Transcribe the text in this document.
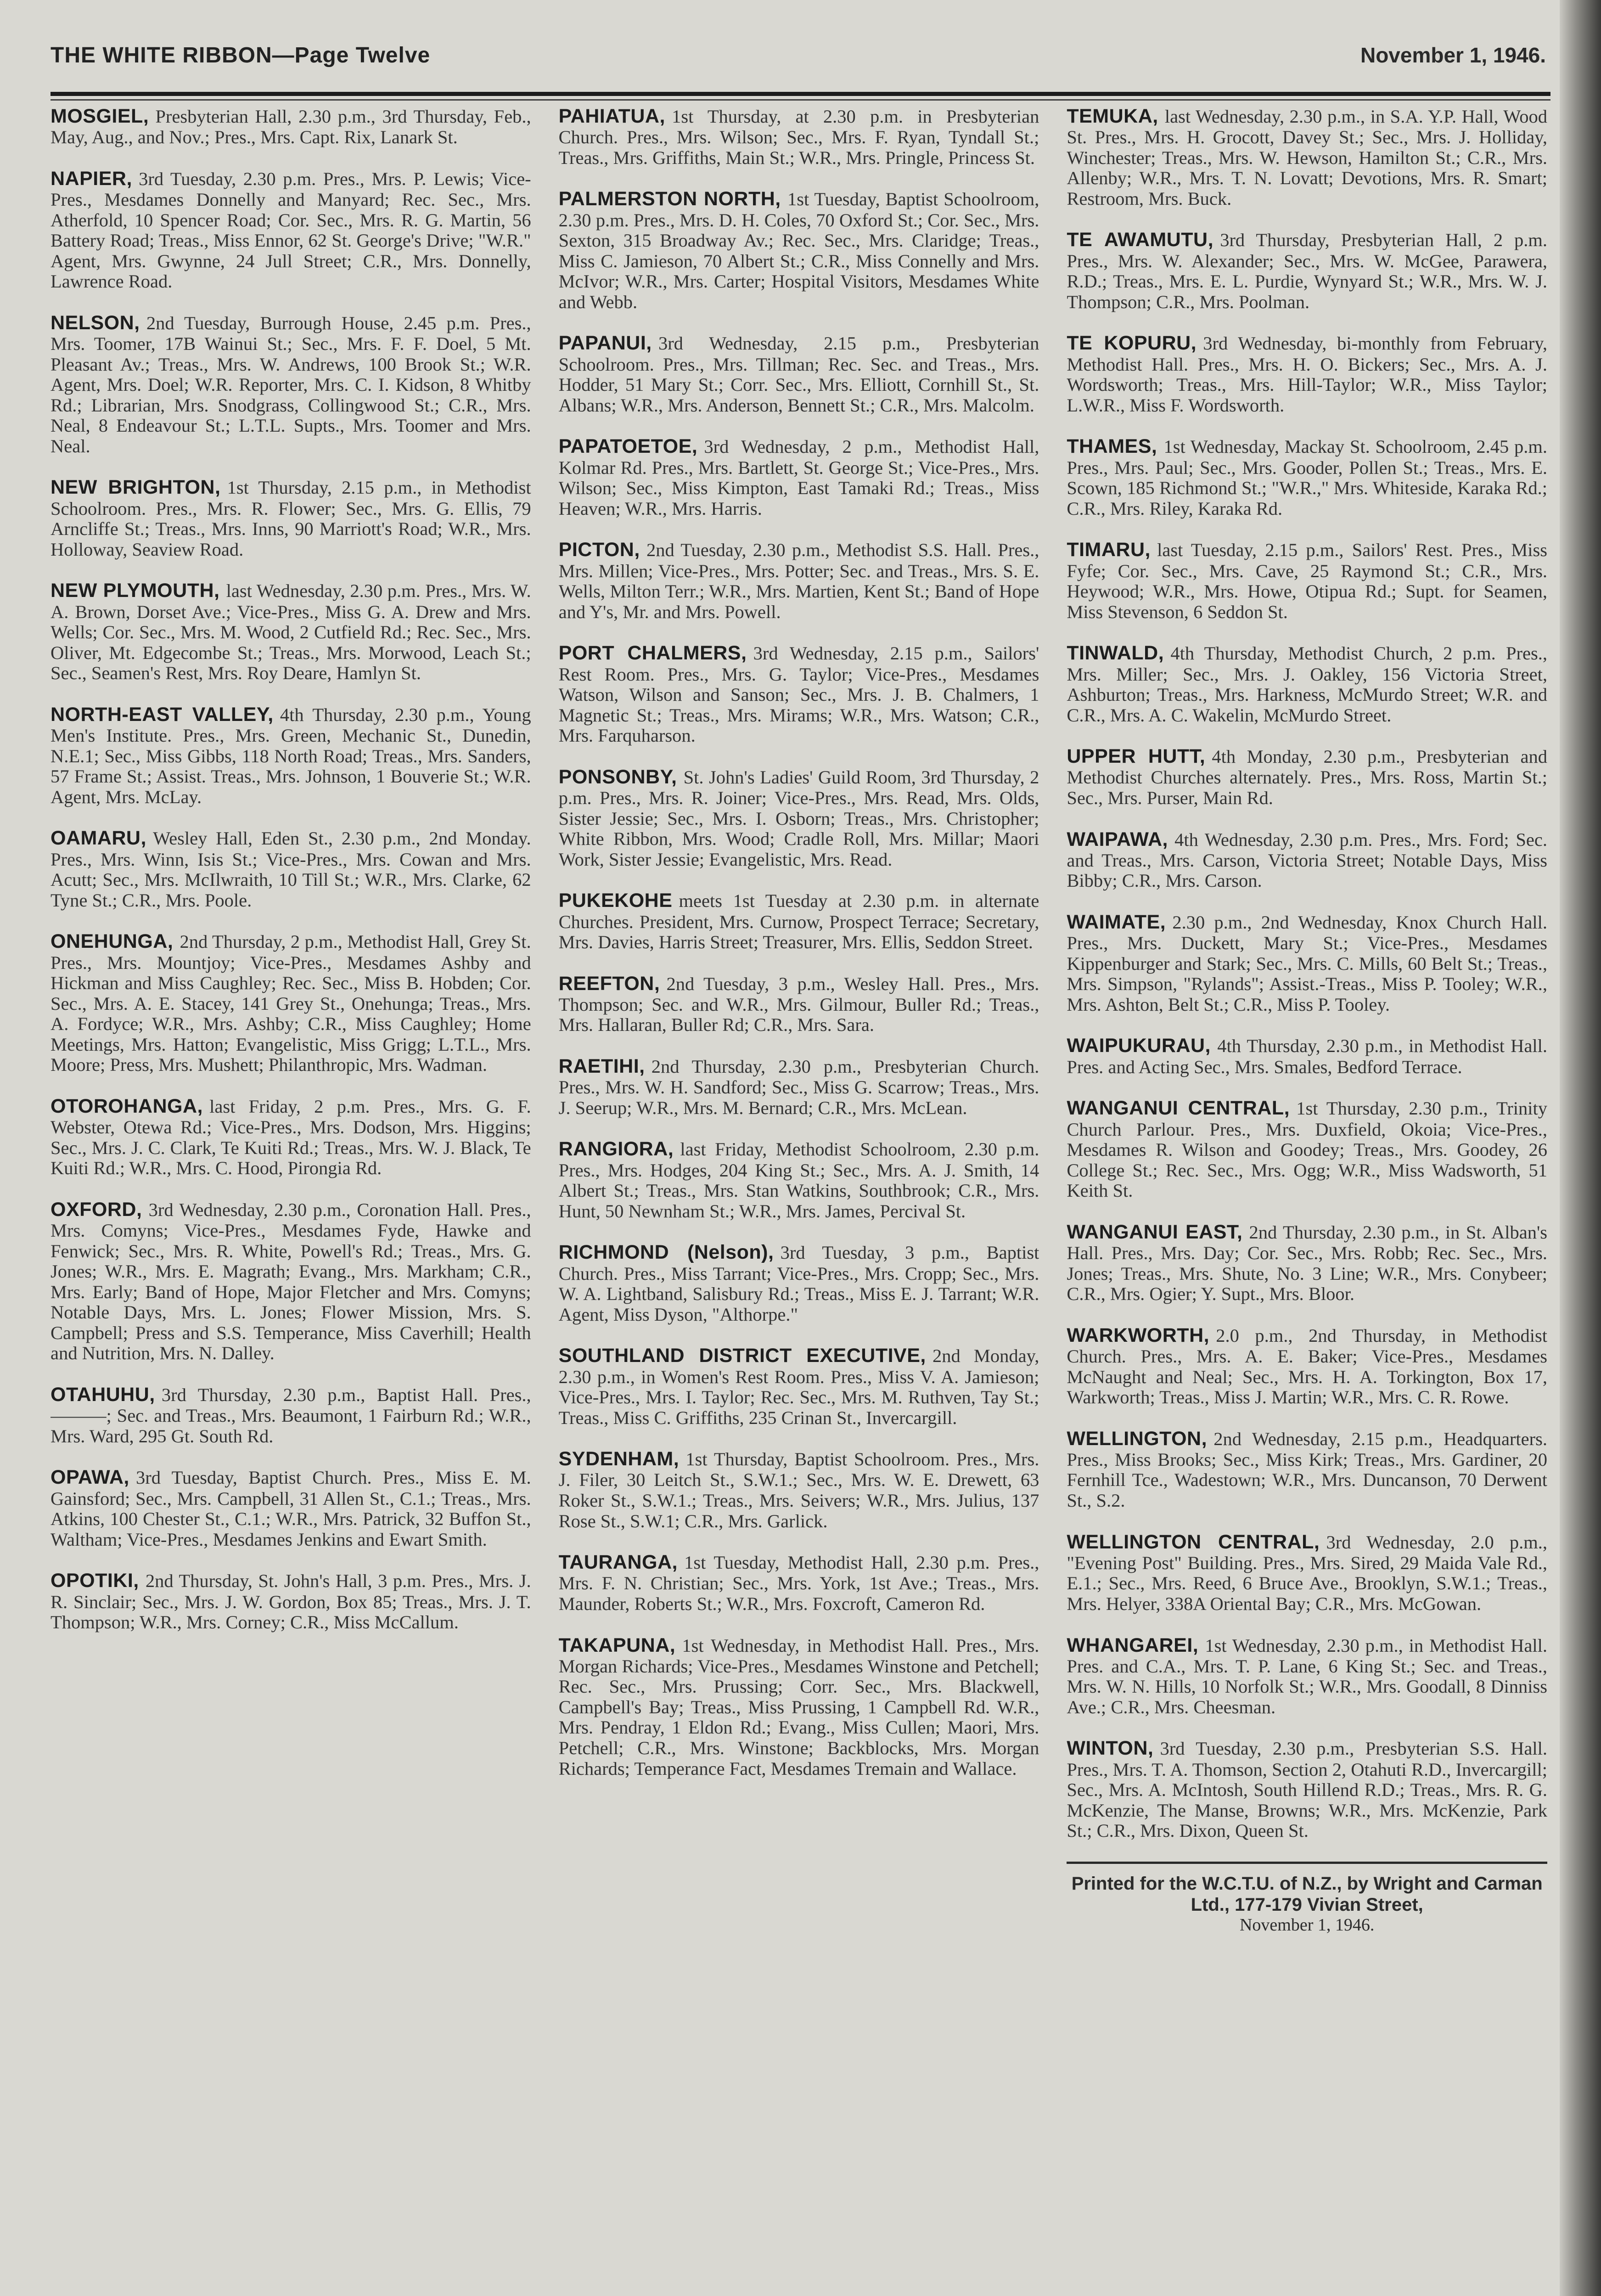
THE WHITE RIBBON—Page Twelve	November 1, 1946.

MOSGIEL, Presbyterian Hall, 2.30 p.m., 3rd Thursday, Feb., May, Aug., and Nov.; Pres., Mrs. Capt. Rix, Lanark St.

NAPIER, 3rd Tuesday, 2.30 p.m. Pres., Mrs. P. Lewis; Vice-Pres., Mesdames Donnelly and Manyard; Rec. Sec., Mrs. Atherfold, 10 Spencer Road; Cor. Sec., Mrs. R. G. Martin, 56 Battery Road; Treas., Miss Ennor, 62 St. George's Drive; "W.R." Agent, Mrs. Gwynne, 24 Jull Street; C.R., Mrs. Donnelly, Lawrence Road.

NELSON, 2nd Tuesday, Burrough House, 2.45 p.m. Pres., Mrs. Toomer, 17B Wainui St.; Sec., Mrs. F. F. Doel, 5 Mt. Pleasant Av.; Treas., Mrs. W. Andrews, 100 Brook St.; W.R. Agent, Mrs. Doel; W.R. Reporter, Mrs. C. I. Kidson, 8 Whitby Rd.; Librarian, Mrs. Snodgrass, Collingwood St.; C.R., Mrs. Neal, 8 Endeavour St.; L.T.L. Supts., Mrs. Toomer and Mrs. Neal.

NEW BRIGHTON, 1st Thursday, 2.15 p.m., in Methodist Schoolroom. Pres., Mrs. R. Flower; Sec., Mrs. G. Ellis, 79 Arncliffe St.; Treas., Mrs. Inns, 90 Marriott's Road; W.R., Mrs. Holloway, Seaview Road.

NEW PLYMOUTH, last Wednesday, 2.30 p.m. Pres., Mrs. W. A. Brown, Dorset Ave.; Vice-Pres., Miss G. A. Drew and Mrs. Wells; Cor. Sec., Mrs. M. Wood, 2 Cutfield Rd.; Rec. Sec., Mrs. Oliver, Mt. Edgecombe St.; Treas., Mrs. Morwood, Leach St.; Sec., Seamen's Rest, Mrs. Roy Deare, Hamlyn St.

NORTH-EAST VALLEY, 4th Thursday, 2.30 p.m., Young Men's Institute. Pres., Mrs. Green, Mechanic St., Dunedin, N.E.1; Sec., Miss Gibbs, 118 North Road; Treas., Mrs. Sanders, 57 Frame St.; Assist. Treas., Mrs. Johnson, 1 Bouverie St.; W.R. Agent, Mrs. McLay.

OAMARU, Wesley Hall, Eden St., 2.30 p.m., 2nd Monday. Pres., Mrs. Winn, Isis St.; Vice-Pres., Mrs. Cowan and Mrs. Acutt; Sec., Mrs. McIlwraith, 10 Till St.; W.R., Mrs. Clarke, 62 Tyne St.; C.R., Mrs. Poole.

ONEHUNGA, 2nd Thursday, 2 p.m., Methodist Hall, Grey St. Pres., Mrs. Mountjoy; Vice-Pres., Mesdames Ashby and Hickman and Miss Caughley; Rec. Sec., Miss B. Hobden; Cor. Sec., Mrs. A. E. Stacey, 141 Grey St., Onehunga; Treas., Mrs. A. Fordyce; W.R., Mrs. Ashby; C.R., Miss Caughley; Home Meetings, Mrs. Hatton; Evangelistic, Miss Grigg; L.T.L., Mrs. Moore; Press, Mrs. Mushett; Philanthropic, Mrs. Wadman.

OTOROHANGA, last Friday, 2 p.m. Pres., Mrs. G. F. Webster, Otewa Rd.; Vice-Pres., Mrs. Dodson, Mrs. Higgins; Sec., Mrs. J. C. Clark, Te Kuiti Rd.; Treas., Mrs. W. J. Black, Te Kuiti Rd.; W.R., Mrs. C. Hood, Pirongia Rd.

OXFORD, 3rd Wednesday, 2.30 p.m., Coronation Hall. Pres., Mrs. Comyns; Vice-Pres., Mesdames Fyde, Hawke and Fenwick; Sec., Mrs. R. White, Powell's Rd.; Treas., Mrs. G. Jones; W.R., Mrs. E. Magrath; Evang., Mrs. Markham; C.R., Mrs. Early; Band of Hope, Major Fletcher and Mrs. Comyns; Notable Days, Mrs. L. Jones; Flower Mission, Mrs. S. Campbell; Press and S.S. Temperance, Miss Caverhill; Health and Nutrition, Mrs. N. Dalley.

OTAHUHU, 3rd Thursday, 2.30 p.m., Baptist Hall. Pres., ———; Sec. and Treas., Mrs. Beaumont, 1 Fairburn Rd.; W.R., Mrs. Ward, 295 Gt. South Rd.

OPAWA, 3rd Tuesday, Baptist Church. Pres., Miss E. M. Gainsford; Sec., Mrs. Campbell, 31 Allen St., C.1.; Treas., Mrs. Atkins, 100 Chester St., C.1.; W.R., Mrs. Patrick, 32 Buffon St., Waltham; Vice-Pres., Mesdames Jenkins and Ewart Smith.

OPOTIKI, 2nd Thursday, St. John's Hall, 3 p.m. Pres., Mrs. J. R. Sinclair; Sec., Mrs. J. W. Gordon, Box 85; Treas., Mrs. J. T. Thompson; W.R., Mrs. Corney; C.R., Miss McCallum.

PAHIATUA, 1st Thursday, at 2.30 p.m. in Presbyterian Church. Pres., Mrs. Wilson; Sec., Mrs. F. Ryan, Tyndall St.; Treas., Mrs. Griffiths, Main St.; W.R., Mrs. Pringle, Princess St.

PALMERSTON NORTH, 1st Tuesday, Baptist Schoolroom, 2.30 p.m. Pres., Mrs. D. H. Coles, 70 Oxford St.; Cor. Sec., Mrs. Sexton, 315 Broadway Av.; Rec. Sec., Mrs. Claridge; Treas., Miss C. Jamieson, 70 Albert St.; C.R., Miss Connelly and Mrs. McIvor; W.R., Mrs. Carter; Hospital Visitors, Mesdames White and Webb.

PAPANUI, 3rd Wednesday, 2.15 p.m., Presbyterian Schoolroom. Pres., Mrs. Tillman; Rec. Sec. and Treas., Mrs. Hodder, 51 Mary St.; Corr. Sec., Mrs. Elliott, Cornhill St., St. Albans; W.R., Mrs. Anderson, Bennett St.; C.R., Mrs. Malcolm.

PAPATOETOE, 3rd Wednesday, 2 p.m., Methodist Hall, Kolmar Rd. Pres., Mrs. Bartlett, St. George St.; Vice-Pres., Mrs. Wilson; Sec., Miss Kimpton, East Tamaki Rd.; Treas., Miss Heaven; W.R., Mrs. Harris.

PICTON, 2nd Tuesday, 2.30 p.m., Methodist S.S. Hall. Pres., Mrs. Millen; Vice-Pres., Mrs. Potter; Sec. and Treas., Mrs. S. E. Wells, Milton Terr.; W.R., Mrs. Martien, Kent St.; Band of Hope and Y's, Mr. and Mrs. Powell.

PORT CHALMERS, 3rd Wednesday, 2.15 p.m., Sailors' Rest Room. Pres., Mrs. G. Taylor; Vice-Pres., Mesdames Watson, Wilson and Sanson; Sec., Mrs. J. B. Chalmers, 1 Magnetic St.; Treas., Mrs. Mirams; W.R., Mrs. Watson; C.R., Mrs. Farquharson.

PONSONBY, St. John's Ladies' Guild Room, 3rd Thursday, 2 p.m. Pres., Mrs. R. Joiner; Vice-Pres., Mrs. Read, Mrs. Olds, Sister Jessie; Sec., Mrs. I. Osborn; Treas., Mrs. Christopher; White Ribbon, Mrs. Wood; Cradle Roll, Mrs. Millar; Maori Work, Sister Jessie; Evangelistic, Mrs. Read.

PUKEKOHE meets 1st Tuesday at 2.30 p.m. in alternate Churches. President, Mrs. Curnow, Prospect Terrace; Secretary, Mrs. Davies, Harris Street; Treasurer, Mrs. Ellis, Seddon Street.

REEFTON, 2nd Tuesday, 3 p.m., Wesley Hall. Pres., Mrs. Thompson; Sec. and W.R., Mrs. Gilmour, Buller Rd.; Treas., Mrs. Hallaran, Buller Rd; C.R., Mrs. Sara.

RAETIHI, 2nd Thursday, 2.30 p.m., Presbyterian Church. Pres., Mrs. W. H. Sandford; Sec., Miss G. Scarrow; Treas., Mrs. J. Seerup; W.R., Mrs. M. Bernard; C.R., Mrs. McLean.

RANGIORA, last Friday, Methodist Schoolroom, 2.30 p.m. Pres., Mrs. Hodges, 204 King St.; Sec., Mrs. A. J. Smith, 14 Albert St.; Treas., Mrs. Stan Watkins, Southbrook; C.R., Mrs. Hunt, 50 Newnham St.; W.R., Mrs. James, Percival St.

RICHMOND (Nelson), 3rd Tuesday, 3 p.m., Baptist Church. Pres., Miss Tarrant; Vice-Pres., Mrs. Cropp; Sec., Mrs. W. A. Lightband, Salisbury Rd.; Treas., Miss E. J. Tarrant; W.R. Agent, Miss Dyson, "Althorpe."

SOUTHLAND DISTRICT EXECUTIVE, 2nd Monday, 2.30 p.m., in Women's Rest Room. Pres., Miss V. A. Jamieson; Vice-Pres., Mrs. I. Taylor; Rec. Sec., Mrs. M. Ruthven, Tay St.; Treas., Miss C. Griffiths, 235 Crinan St., Invercargill.

SYDENHAM, 1st Thursday, Baptist Schoolroom. Pres., Mrs. J. Filer, 30 Leitch St., S.W.1.; Sec., Mrs. W. E. Drewett, 63 Roker St., S.W.1.; Treas., Mrs. Seivers; W.R., Mrs. Julius, 137 Rose St., S.W.1; C.R., Mrs. Garlick.

TAURANGA, 1st Tuesday, Methodist Hall, 2.30 p.m. Pres., Mrs. F. N. Christian; Sec., Mrs. York, 1st Ave.; Treas., Mrs. Maunder, Roberts St.; W.R., Mrs. Foxcroft, Cameron Rd.

TAKAPUNA, 1st Wednesday, in Methodist Hall. Pres., Mrs. Morgan Richards; Vice-Pres., Mesdames Winstone and Petchell; Rec. Sec., Mrs. Prussing; Corr. Sec., Mrs. Blackwell, Campbell's Bay; Treas., Miss Prussing, 1 Campbell Rd. W.R., Mrs. Pendray, 1 Eldon Rd.; Evang., Miss Cullen; Maori, Mrs. Petchell; C.R., Mrs. Winstone; Backblocks, Mrs. Morgan Richards; Temperance Fact, Mesdames Tremain and Wallace.

TEMUKA, last Wednesday, 2.30 p.m., in S.A. Y.P. Hall, Wood St. Pres., Mrs. H. Grocott, Davey St.; Sec., Mrs. J. Holliday, Winchester; Treas., Mrs. W. Hewson, Hamilton St.; C.R., Mrs. Allenby; W.R., Mrs. T. N. Lovatt; Devotions, Mrs. R. Smart; Restroom, Mrs. Buck.

TE AWAMUTU, 3rd Thursday, Presbyterian Hall, 2 p.m. Pres., Mrs. W. Alexander; Sec., Mrs. W. McGee, Parawera, R.D.; Treas., Mrs. E. L. Purdie, Wynyard St.; W.R., Mrs. W. J. Thompson; C.R., Mrs. Poolman.

TE KOPURU, 3rd Wednesday, bi-monthly from February, Methodist Hall. Pres., Mrs. H. O. Bickers; Sec., Mrs. A. J. Wordsworth; Treas., Mrs. Hill-Taylor; W.R., Miss Taylor; L.W.R., Miss F. Wordsworth.

THAMES, 1st Wednesday, Mackay St. Schoolroom, 2.45 p.m. Pres., Mrs. Paul; Sec., Mrs. Gooder, Pollen St.; Treas., Mrs. E. Scown, 185 Richmond St.; "W.R.," Mrs. Whiteside, Karaka Rd.; C.R., Mrs. Riley, Karaka Rd.

TIMARU, last Tuesday, 2.15 p.m., Sailors' Rest. Pres., Miss Fyfe; Cor. Sec., Mrs. Cave, 25 Raymond St.; C.R., Mrs. Heywood; W.R., Mrs. Howe, Otipua Rd.; Supt. for Seamen, Miss Stevenson, 6 Seddon St.

TINWALD, 4th Thursday, Methodist Church, 2 p.m. Pres., Mrs. Miller; Sec., Mrs. J. Oakley, 156 Victoria Street, Ashburton; Treas., Mrs. Harkness, McMurdo Street; W.R. and C.R., Mrs. A. C. Wakelin, McMurdo Street.

UPPER HUTT, 4th Monday, 2.30 p.m., Presbyterian and Methodist Churches alternately. Pres., Mrs. Ross, Martin St.; Sec., Mrs. Purser, Main Rd.

WAIPAWA, 4th Wednesday, 2.30 p.m. Pres., Mrs. Ford; Sec. and Treas., Mrs. Carson, Victoria Street; Notable Days, Miss Bibby; C.R., Mrs. Carson.

WAIMATE, 2.30 p.m., 2nd Wednesday, Knox Church Hall. Pres., Mrs. Duckett, Mary St.; Vice-Pres., Mesdames Kippenburger and Stark; Sec., Mrs. C. Mills, 60 Belt St.; Treas., Mrs. Simpson, "Rylands"; Assist.-Treas., Miss P. Tooley; W.R., Mrs. Ashton, Belt St.; C.R., Miss P. Tooley.

WAIPUKURAU, 4th Thursday, 2.30 p.m., in Methodist Hall. Pres. and Acting Sec., Mrs. Smales, Bedford Terrace.

WANGANUI CENTRAL, 1st Thursday, 2.30 p.m., Trinity Church Parlour. Pres., Mrs. Duxfield, Okoia; Vice-Pres., Mesdames R. Wilson and Goodey; Treas., Mrs. Goodey, 26 College St.; Rec. Sec., Mrs. Ogg; W.R., Miss Wadsworth, 51 Keith St.

WANGANUI EAST, 2nd Thursday, 2.30 p.m., in St. Alban's Hall. Pres., Mrs. Day; Cor. Sec., Mrs. Robb; Rec. Sec., Mrs. Jones; Treas., Mrs. Shute, No. 3 Line; W.R., Mrs. Conybeer; C.R., Mrs. Ogier; Y. Supt., Mrs. Bloor.

WARKWORTH, 2.0 p.m., 2nd Thursday, in Methodist Church. Pres., Mrs. A. E. Baker; Vice-Pres., Mesdames McNaught and Neal; Sec., Mrs. H. A. Torkington, Box 17, Warkworth; Treas., Miss J. Martin; W.R., Mrs. C. R. Rowe.

WELLINGTON, 2nd Wednesday, 2.15 p.m., Headquarters. Pres., Miss Brooks; Sec., Miss Kirk; Treas., Mrs. Gardiner, 20 Fernhill Tce., Wadestown; W.R., Mrs. Duncanson, 70 Derwent St., S.2.

WELLINGTON CENTRAL, 3rd Wednesday, 2.0 p.m., "Evening Post" Building. Pres., Mrs. Sired, 29 Maida Vale Rd., E.1.; Sec., Mrs. Reed, 6 Bruce Ave., Brooklyn, S.W.1.; Treas., Mrs. Helyer, 338A Oriental Bay; C.R., Mrs. McGowan.

WHANGAREI, 1st Wednesday, 2.30 p.m., in Methodist Hall. Pres. and C.A., Mrs. T. P. Lane, 6 King St.; Sec. and Treas., Mrs. W. N. Hills, 10 Norfolk St.; W.R., Mrs. Goodall, 8 Dinniss Ave.; C.R., Mrs. Cheesman.

WINTON, 3rd Tuesday, 2.30 p.m., Presbyterian S.S. Hall. Pres., Mrs. T. A. Thomson, Section 2, Otahuti R.D., Invercargill; Sec., Mrs. A. McIntosh, South Hillend R.D.; Treas., Mrs. R. G. McKenzie, The Manse, Browns; W.R., Mrs. McKenzie, Park St.; C.R., Mrs. Dixon, Queen St.

Printed for the W.C.T.U. of N.Z., by Wright and Carman Ltd., 177-179 Vivian Street,
November 1, 1946.
